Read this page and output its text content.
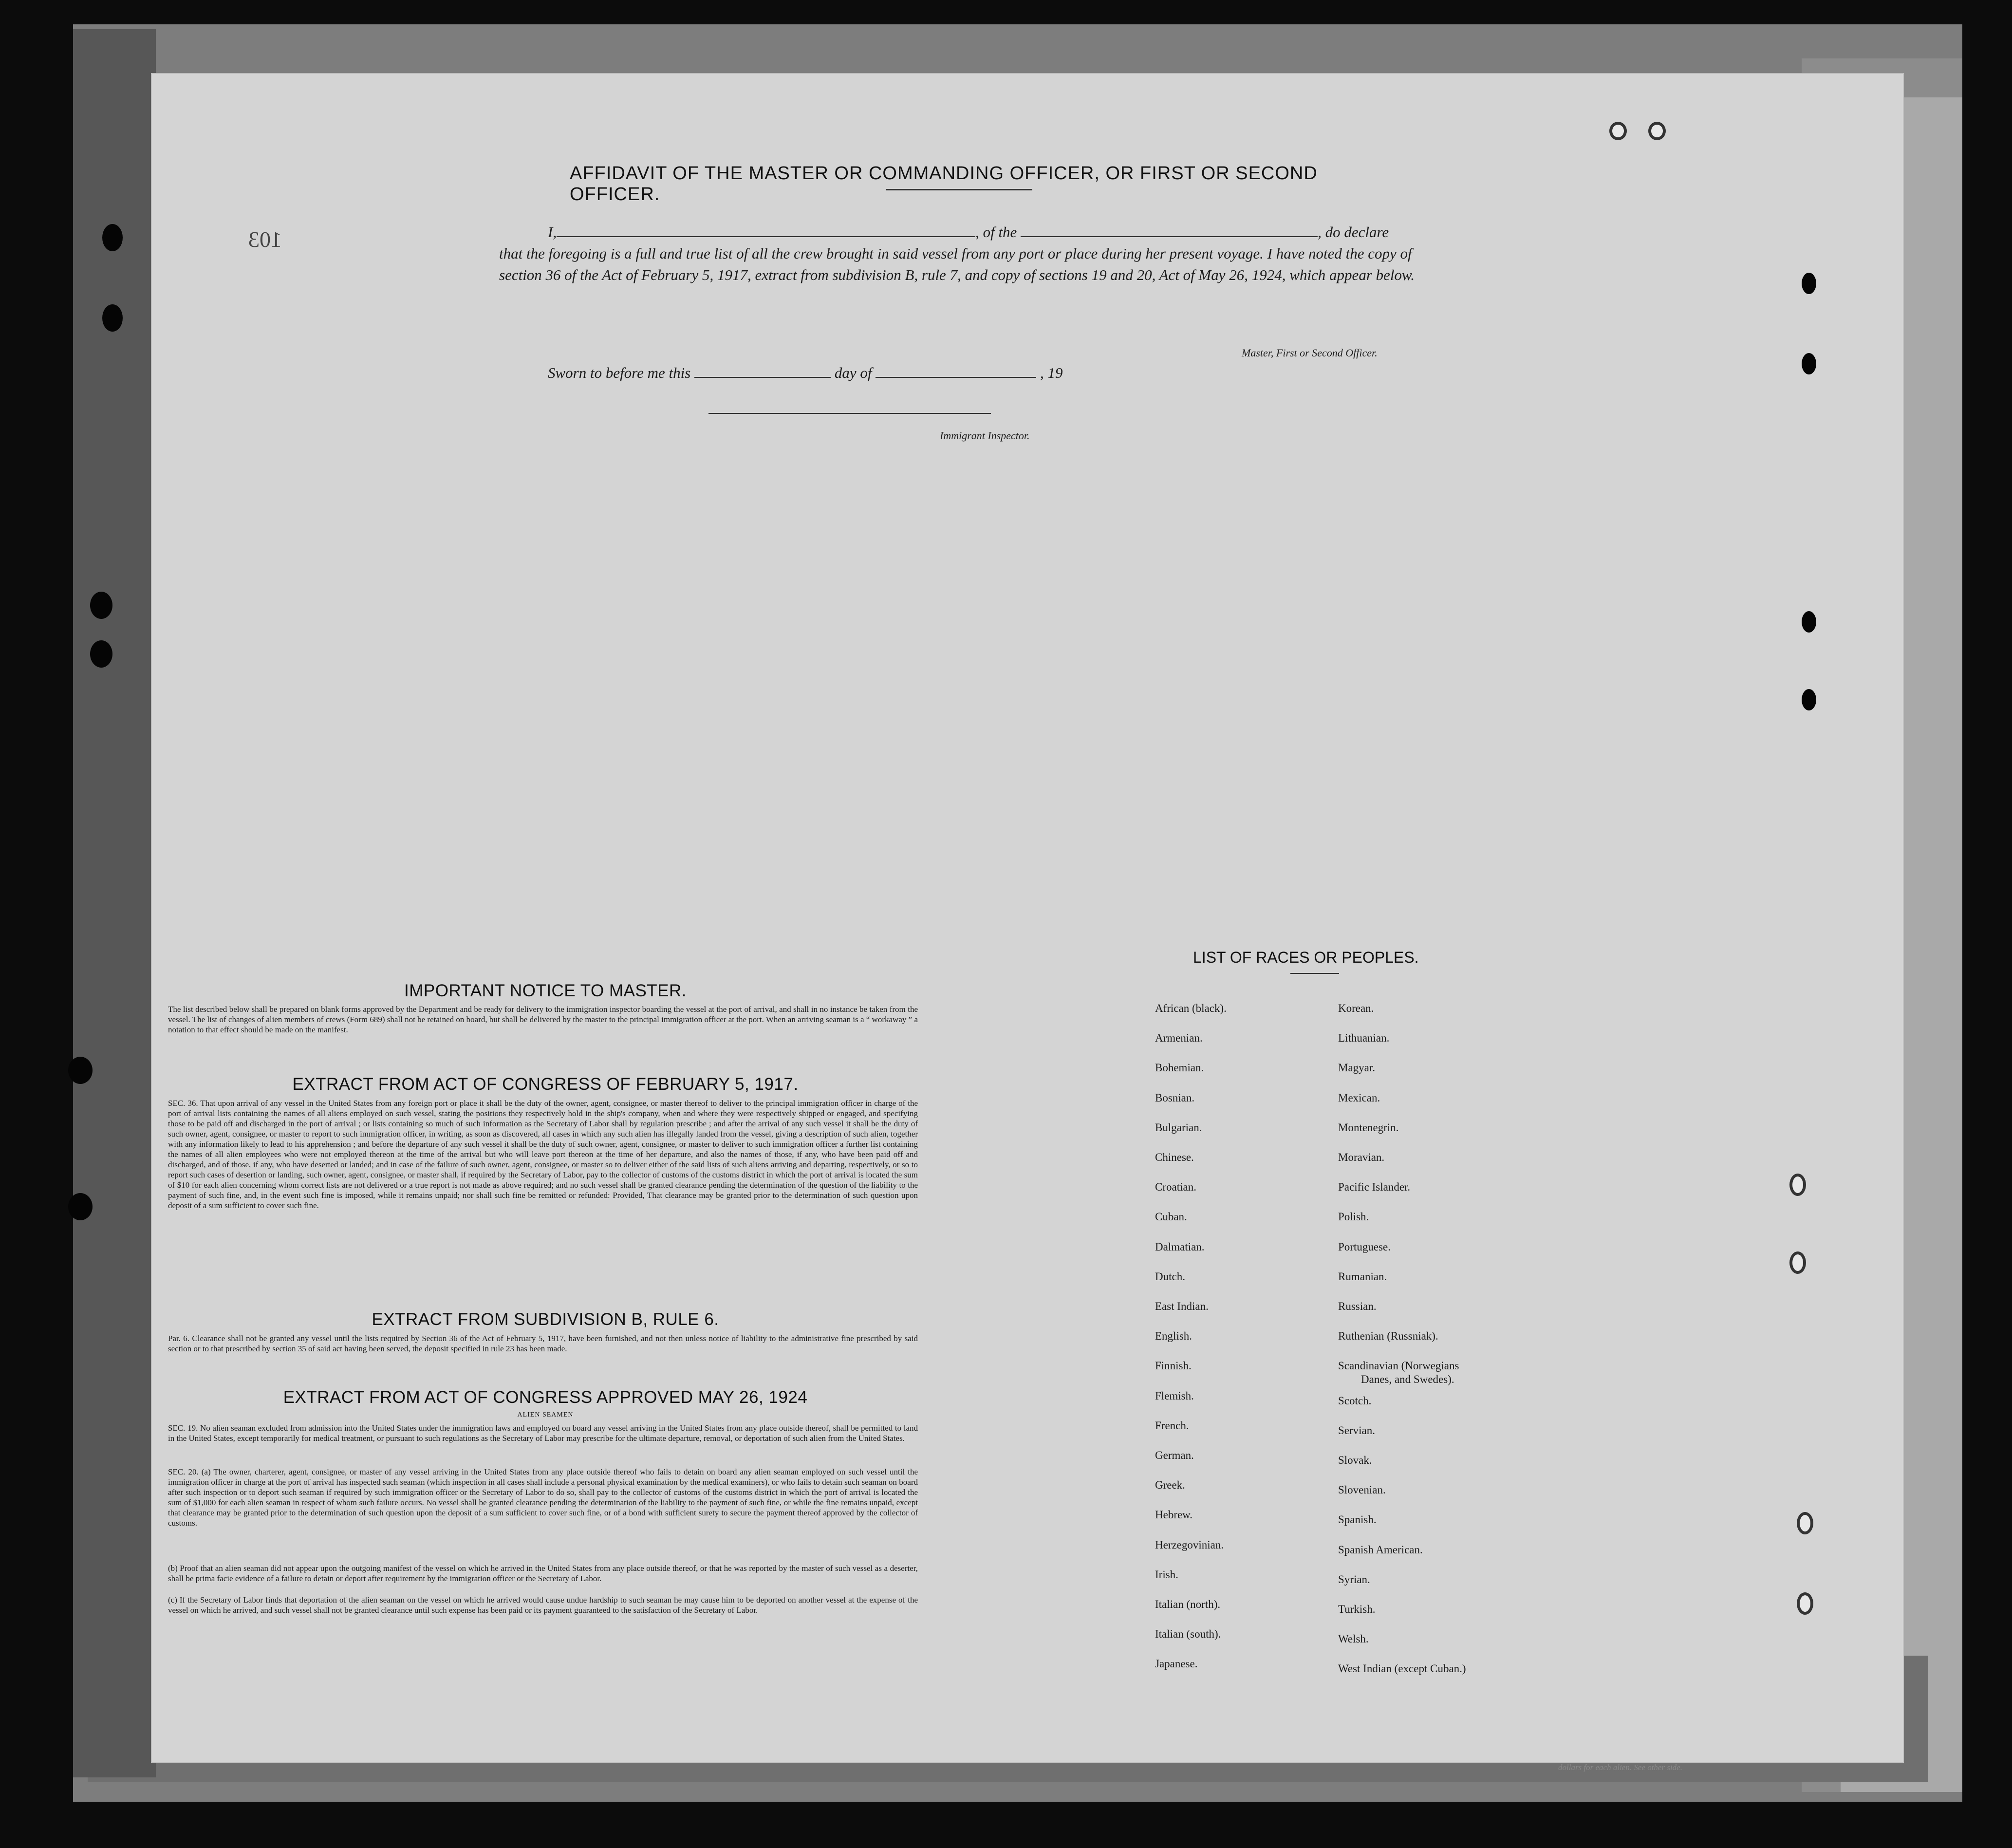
103
AFFIDAVIT OF THE MASTER OR COMMANDING OFFICER, OR FIRST OR SECOND OFFICER.
I,	, of the	, do declare
that the foregoing is a full and true list of all the crew brought in said vessel from any port or place during her present voyage. I have noted the copy of section 36 of the Act of February 5, 1917, extract from subdivision B, rule 7, and copy of sections 19 and 20, Act of May 26, 1924, which appear below.
Master, First or Second Officer.
Sworn to before me this	day of	, 19
Immigrant Inspector.
IMPORTANT NOTICE TO MASTER.
The list described below shall be prepared on blank forms approved by the Department and be ready for delivery to the immigration inspector boarding the vessel at the port of arrival, and shall in no instance be taken from the vessel. The list of changes of alien members of crews (Form 689) shall not be retained on board, but shall be delivered by the master to the principal immigration officer at the port. When an arriving seaman is a “ workaway ” a notation to that effect should be made on the manifest.
EXTRACT FROM ACT OF CONGRESS OF FEBRUARY 5, 1917.
SEC. 36. That upon arrival of any vessel in the United States from any foreign port or place it shall be the duty of the owner, agent, consignee, or master thereof to deliver to the principal immigration officer in charge of the port of arrival lists containing the names of all aliens employed on such vessel, stating the positions they respectively hold in the ship's company, when and where they were respectively shipped or engaged, and specifying those to be paid off and discharged in the port of arrival ; or lists containing so much of such information as the Secretary of Labor shall by regulation prescribe ; and after the arrival of any such vessel it shall be the duty of such owner, agent, consignee, or master to report to such immigration officer, in writing, as soon as discovered, all cases in which any such alien has illegally landed from the vessel, giving a description of such alien, together with any information likely to lead to his apprehension ; and before the departure of any such vessel it shall be the duty of such owner, agent, consignee, or master to deliver to such immigration officer a further list containing the names of all alien employees who were not employed thereon at the time of the arrival but who will leave port thereon at the time of her departure, and also the names of those, if any, who have been paid off and discharged, and of those, if any, who have deserted or landed; and in case of the failure of such owner, agent, consignee, or master so to deliver either of the said lists of such aliens arriving and departing, respectively, or so to report such cases of desertion or landing, such owner, agent, consignee, or master shall, if required by the Secretary of Labor, pay to the collector of customs of the customs district in which the port of arrival is located the sum of $10 for each alien concerning whom correct lists are not delivered or a true report is not made as above required; and no such vessel shall be granted clearance pending the determination of the question of the liability to the payment of such fine, and, in the event such fine is imposed, while it remains unpaid; nor shall such fine be remitted or refunded: Provided, That clearance may be granted prior to the determination of such question upon deposit of a sum sufficient to cover such fine.
EXTRACT FROM SUBDIVISION B, RULE 6.
Par. 6. Clearance shall not be granted any vessel until the lists required by Section 36 of the Act of February 5, 1917, have been furnished, and not then unless notice of liability to the administrative fine prescribed by said section or to that prescribed by section 35 of said act having been served, the deposit specified in rule 23 has been made.
EXTRACT FROM ACT OF CONGRESS APPROVED MAY 26, 1924
ALIEN SEAMEN
SEC. 19. No alien seaman excluded from admission into the United States under the immigration laws and employed on board any vessel arriving in the United States from any place outside thereof, shall be permitted to land in the United States, except temporarily for medical treatment, or pursuant to such regulations as the Secretary of Labor may prescribe for the ultimate departure, removal, or deportation of such alien from the United States.
SEC. 20. (a) The owner, charterer, agent, consignee, or master of any vessel arriving in the United States from any place outside thereof who fails to detain on board any alien seaman employed on such vessel until the immigration officer in charge at the port of arrival has inspected such seaman (which inspection in all cases shall include a personal physical examination by the medical examiners), or who fails to detain such seaman on board after such inspection or to deport such seaman if required by such immigration officer or the Secretary of Labor to do so, shall pay to the collector of customs of the customs district in which the port of arrival is located the sum of $1,000 for each alien seaman in respect of whom such failure occurs. No vessel shall be granted clearance pending the determination of the liability to the payment of such fine, or while the fine remains unpaid, except that clearance may be granted prior to the determination of such question upon the deposit of a sum sufficient to cover such fine, or of a bond with sufficient surety to secure the payment thereof approved by the collector of customs.
(b) Proof that an alien seaman did not appear upon the outgoing manifest of the vessel on which he arrived in the United States from any place outside thereof, or that he was reported by the master of such vessel as a deserter, shall be prima facie evidence of a failure to detain or deport after requirement by the immigration officer or the Secretary of Labor.
(c) If the Secretary of Labor finds that deportation of the alien seaman on the vessel on which he arrived would cause undue hardship to such seaman he may cause him to be deported on another vessel at the expense of the vessel on which he arrived, and such vessel shall not be granted clearance until such expense has been paid or its payment guaranteed to the satisfaction of the Secretary of Labor.
LIST OF RACES OR PEOPLES.
African (black).
Armenian.
Bohemian.
Bosnian.
Bulgarian.
Chinese.
Croatian.
Cuban.
Dalmatian.
Dutch.
East Indian.
English.
Finnish.
Flemish.
French.
German.
Greek.
Hebrew.
Herzegovinian.
Irish.
Italian (north).
Italian (south).
Japanese.
Korean.
Lithuanian.
Magyar.
Mexican.
Montenegrin.
Moravian.
Pacific Islander.
Polish.
Portuguese.
Rumanian.
Russian.
Ruthenian (Russniak).
Scandinavian (Norwegians
Danes, and Swedes).
Scotch.
Servian.
Slovak.
Slovenian.
Spanish.
Spanish American.
Syrian.
Turkish.
Welsh.
West Indian (except Cuban.)
dollars for each alien. See other side.
